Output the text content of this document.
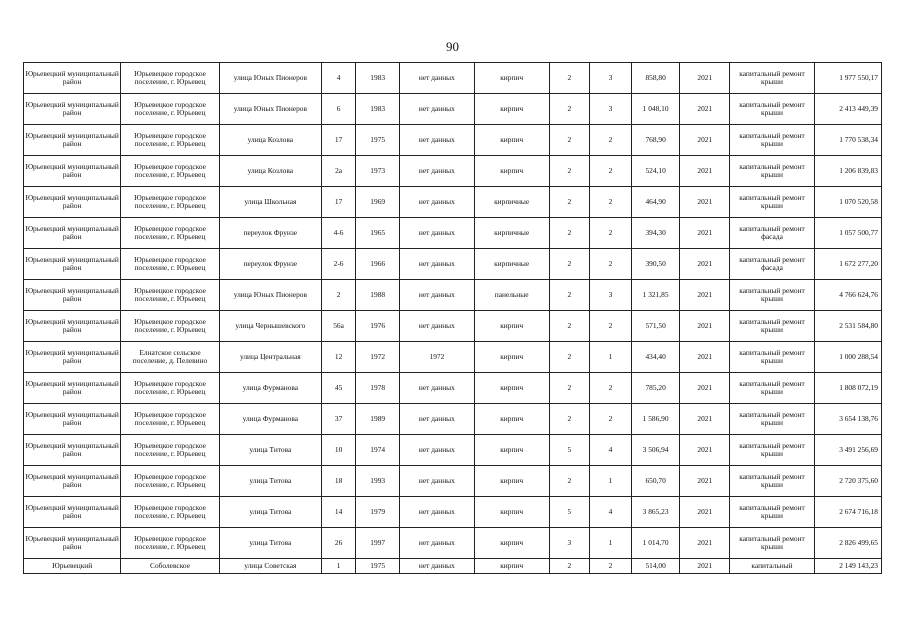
90
Юрьевецкий муниципальный район	Юрьевецкое городское поселение, г. Юрьевец	улица Юных Пионеров	4	1983	нет данных	кирпич	2	3	858,80	2021	капитальный ремонт крыши	1 977 550,17
Юрьевецкий муниципальный район	Юрьевецкое городское поселение, г. Юрьевец	улица Юных Пионеров	6	1983	нет данных	кирпич	2	3	1 048,10	2021	капитальный ремонт крыши	2 413 449,39
Юрьевецкий муниципальный район	Юрьевецкое городское поселение, г. Юрьевец	улица Козлова	17	1975	нет данных	кирпич	2	2	768,90	2021	капитальный ремонт крыши	1 770 538,34
Юрьевецкий муниципальный район	Юрьевецкое городское поселение, г. Юрьевец	улица Козлова	2а	1973	нет данных	кирпич	2	2	524,10	2021	капитальный ремонт крыши	1 206 839,83
Юрьевецкий муниципальный район	Юрьевецкое городское поселение, г. Юрьевец	улица Школьная	17	1969	нет данных	кирпичные	2	2	464,90	2021	капитальный ремонт крыши	1 070 520,58
Юрьевецкий муниципальный район	Юрьевецкое городское поселение, г. Юрьевец	переулок Фрунзе	4-6	1965	нет данных	кирпичные	2	2	394,30	2021	капитальный ремонт фасада	1 057 500,77
Юрьевецкий муниципальный район	Юрьевецкое городское поселение, г. Юрьевец	переулок Фрунзе	2-6	1966	нет данных	кирпичные	2	2	390,50	2021	капитальный ремонт фасада	1 672 277,20
Юрьевецкий муниципальный район	Юрьевецкое городское поселение, г. Юрьевец	улица Юных Пионеров	2	1988	нет данных	панельные	2	3	1 321,85	2021	капитальный ремонт крыши	4 766 624,76
Юрьевецкий муниципальный район	Юрьевецкое городское поселение, г. Юрьевец	улица Чернышевского	56а	1976	нет данных	кирпич	2	2	571,50	2021	капитальный ремонт крыши	2 531 584,80
Юрьевецкий муниципальный район	Елнатское сельское поселение, д. Пелевино	улица Центральная	12	1972	1972	кирпич	2	1	434,40	2021	капитальный ремонт крыши	1 000 288,54
Юрьевецкий муниципальный район	Юрьевецкое городское поселение, г. Юрьевец	улица Фурманова	45	1978	нет данных	кирпич	2	2	785,20	2021	капитальный ремонт крыши	1 808 072,19
Юрьевецкий муниципальный район	Юрьевецкое городское поселение, г. Юрьевец	улица Фурманова	37	1989	нет данных	кирпич	2	2	1 586,90	2021	капитальный ремонт крыши	3 654 138,76
Юрьевецкий муниципальный район	Юрьевецкое городское поселение, г. Юрьевец	улица Титова	10	1974	нет данных	кирпич	5	4	3 506,94	2021	капитальный ремонт крыши	3 491 256,69
Юрьевецкий муниципальный район	Юрьевецкое городское поселение, г. Юрьевец	улица Титова	18	1993	нет данных	кирпич	2	1	650,70	2021	капитальный ремонт крыши	2 720 375,60
Юрьевецкий муниципальный район	Юрьевецкое городское поселение, г. Юрьевец	улица Титова	14	1979	нет данных	кирпич	5	4	3 865,23	2021	капитальный ремонт крыши	2 674 716,18
Юрьевецкий муниципальный район	Юрьевецкое городское поселение, г. Юрьевец	улица Титова	26	1997	нет данных	кирпич	3	1	1 014,70	2021	капитальный ремонт крыши	2 826 499,65
Юрьевецкий	Соболевское	улица Советская	1	1975	нет данных	кирпич	2	2	514,00	2021	капитальный	2 149 143,23
